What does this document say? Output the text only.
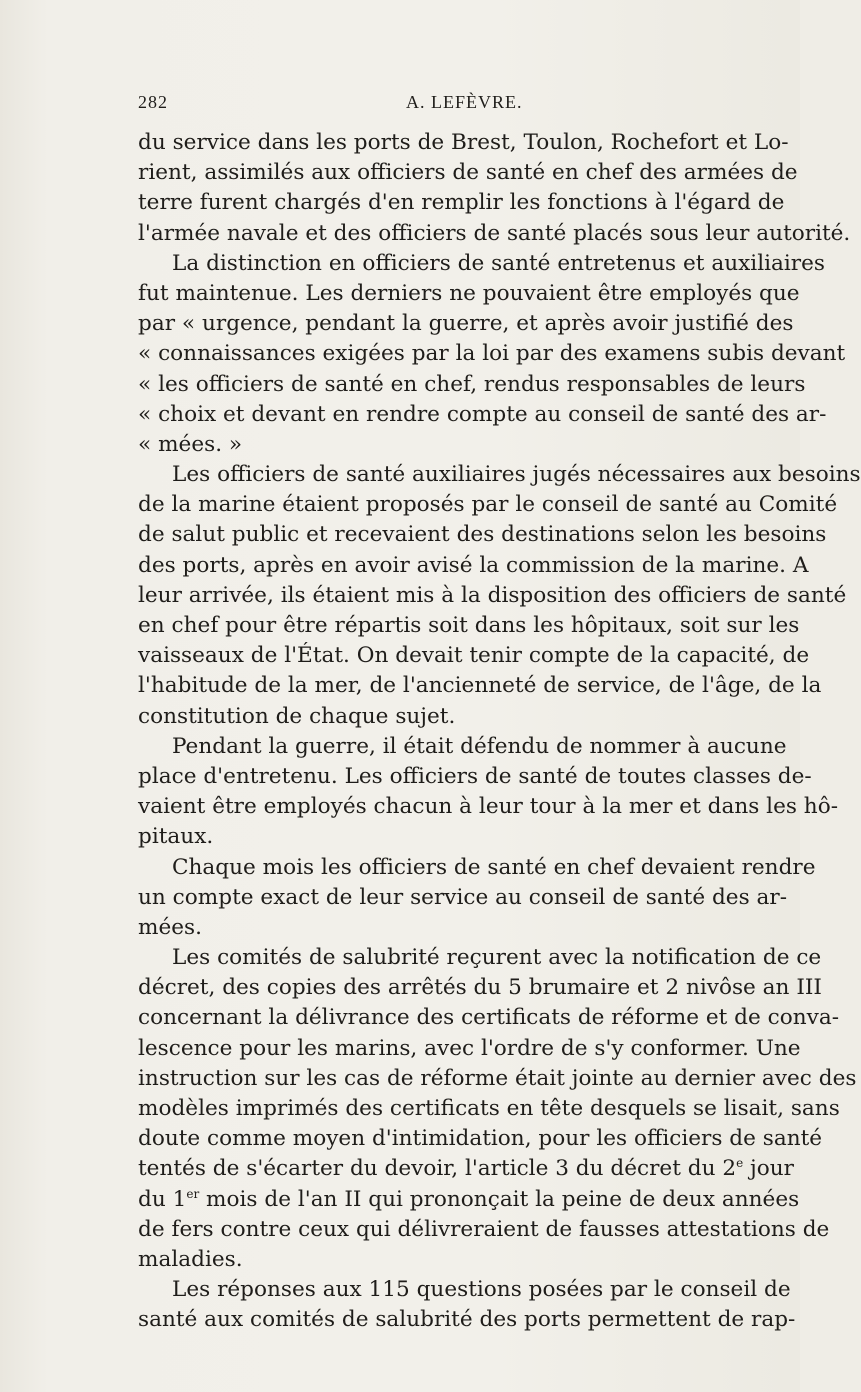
282	A. LEFÈVRE.
du service dans les ports de Brest, Toulon, Rochefort et Lo-
rient, assimilés aux officiers de santé en chef des armées de
terre furent chargés d'en remplir les fonctions à l'égard de
l'armée navale et des officiers de santé placés sous leur autorité.
La distinction en officiers de santé entretenus et auxiliaires
fut maintenue. Les derniers ne pouvaient être employés que
par « urgence, pendant la guerre, et après avoir justifié des
« connaissances exigées par la loi par des examens subis devant
« les officiers de santé en chef, rendus responsables de leurs
« choix et devant en rendre compte au conseil de santé des ar-
« mées. »
Les officiers de santé auxiliaires jugés nécessaires aux besoins
de la marine étaient proposés par le conseil de santé au Comité
de salut public et recevaient des destinations selon les besoins
des ports, après en avoir avisé la commission de la marine. A
leur arrivée, ils étaient mis à la disposition des officiers de santé
en chef pour être répartis soit dans les hôpitaux, soit sur les
vaisseaux de l'État. On devait tenir compte de la capacité, de
l'habitude de la mer, de l'ancienneté de service, de l'âge, de la
constitution de chaque sujet.
Pendant la guerre, il était défendu de nommer à aucune
place d'entretenu. Les officiers de santé de toutes classes de-
vaient être employés chacun à leur tour à la mer et dans les hô-
pitaux.
Chaque mois les officiers de santé en chef devaient rendre
un compte exact de leur service au conseil de santé des ar-
mées.
Les comités de salubrité reçurent avec la notification de ce
décret, des copies des arrêtés du 5 brumaire et 2 nivôse an III
concernant la délivrance des certificats de réforme et de conva-
lescence pour les marins, avec l'ordre de s'y conformer. Une
instruction sur les cas de réforme était jointe au dernier avec des
modèles imprimés des certificats en tête desquels se lisait, sans
doute comme moyen d'intimidation, pour les officiers de santé
tentés de s'écarter du devoir, l'article 3 du décret du 2e jour
du 1er mois de l'an II qui prononçait la peine de deux années
de fers contre ceux qui délivreraient de fausses attestations de
maladies.
Les réponses aux 115 questions posées par le conseil de
santé aux comités de salubrité des ports permettent de rap-
